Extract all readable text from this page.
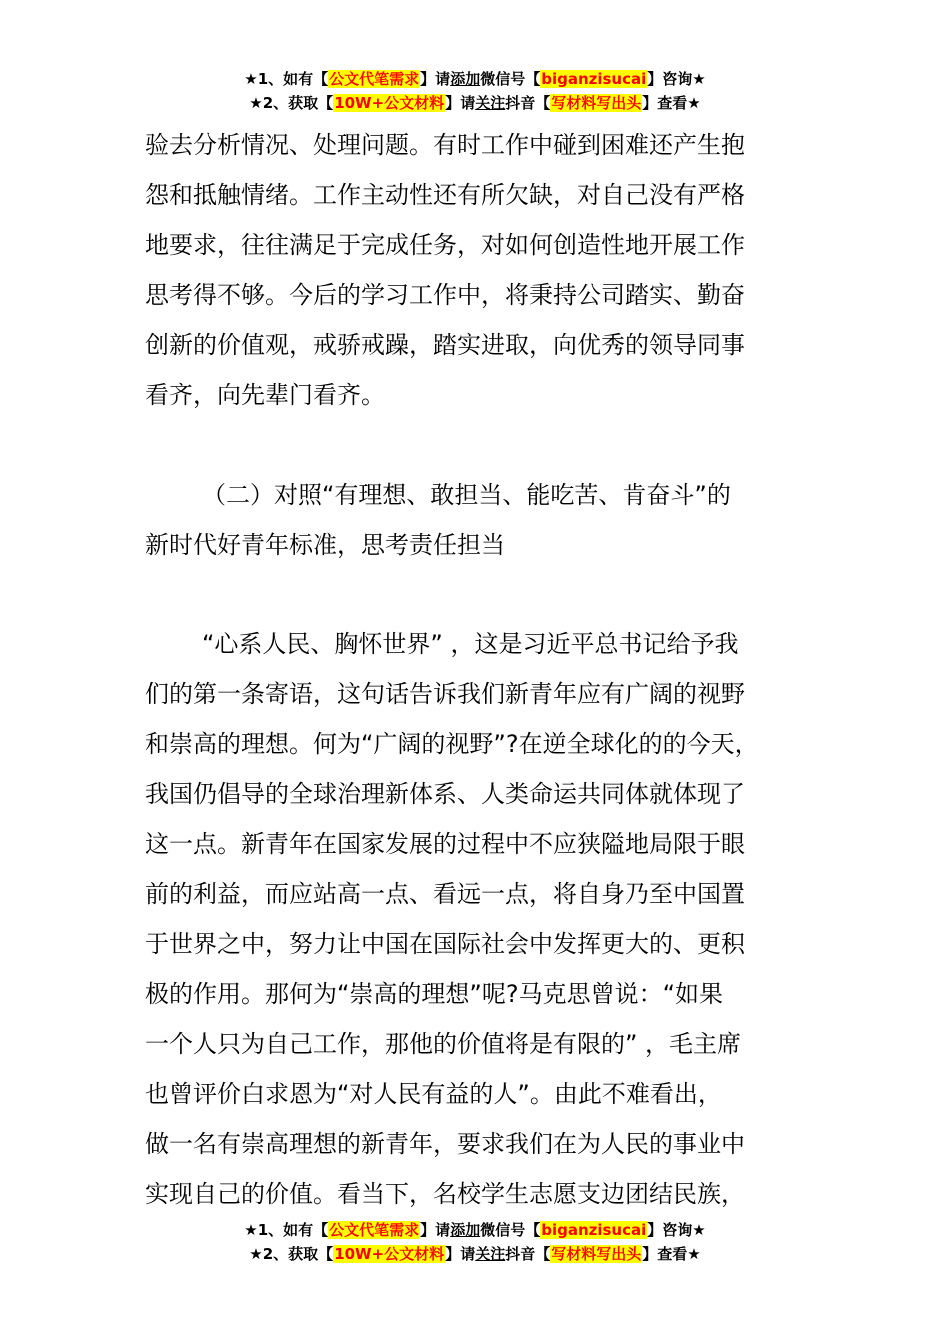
★1、如有【公文代笔需求】请添加微信号【biganzisucai】咨询★
★2、获取【10W+公文材料】请关注抖音【写材料写出头】查看★
验去分析情况、处理问题。有时工作中碰到困难还产生抱
怨和抵触情绪。工作主动性还有所欠缺，对自己没有严格
地要求，往往满足于完成任务，对如何创造性地开展工作
思考得不够。今后的学习工作中，将秉持公司踏实、勤奋
创新的价值观，戒骄戒躁，踏实进取，向优秀的领导同事
看齐，向先辈门看齐。
（二）对照“有理想、敢担当、能吃苦、肯奋斗”的
新时代好青年标准，思考责任担当
“心系人民、胸怀世界” ，这是习近平总书记给予我
们的第一条寄语，这句话告诉我们新青年应有广阔的视野
和崇高的理想。何为“广阔的视野”?在逆全球化的的今天，
我国仍倡导的全球治理新体系、人类命运共同体就体现了
这一点。新青年在国家发展的过程中不应狭隘地局限于眼
前的利益，而应站高一点、看远一点，将自身乃至中国置
于世界之中，努力让中国在国际社会中发挥更大的、更积
极的作用。那何为“崇高的理想”呢?马克思曾说：“如果
一个人只为自己工作，那他的价值将是有限的” ，毛主席
也曾评价白求恩为“对人民有益的人”。由此不难看出，
做一名有崇高理想的新青年，要求我们在为人民的事业中
实现自己的价值。看当下，名校学生志愿支边团结民族，
★1、如有【公文代笔需求】请添加微信号【biganzisucai】咨询★
★2、获取【10W+公文材料】请关注抖音【写材料写出头】查看★
